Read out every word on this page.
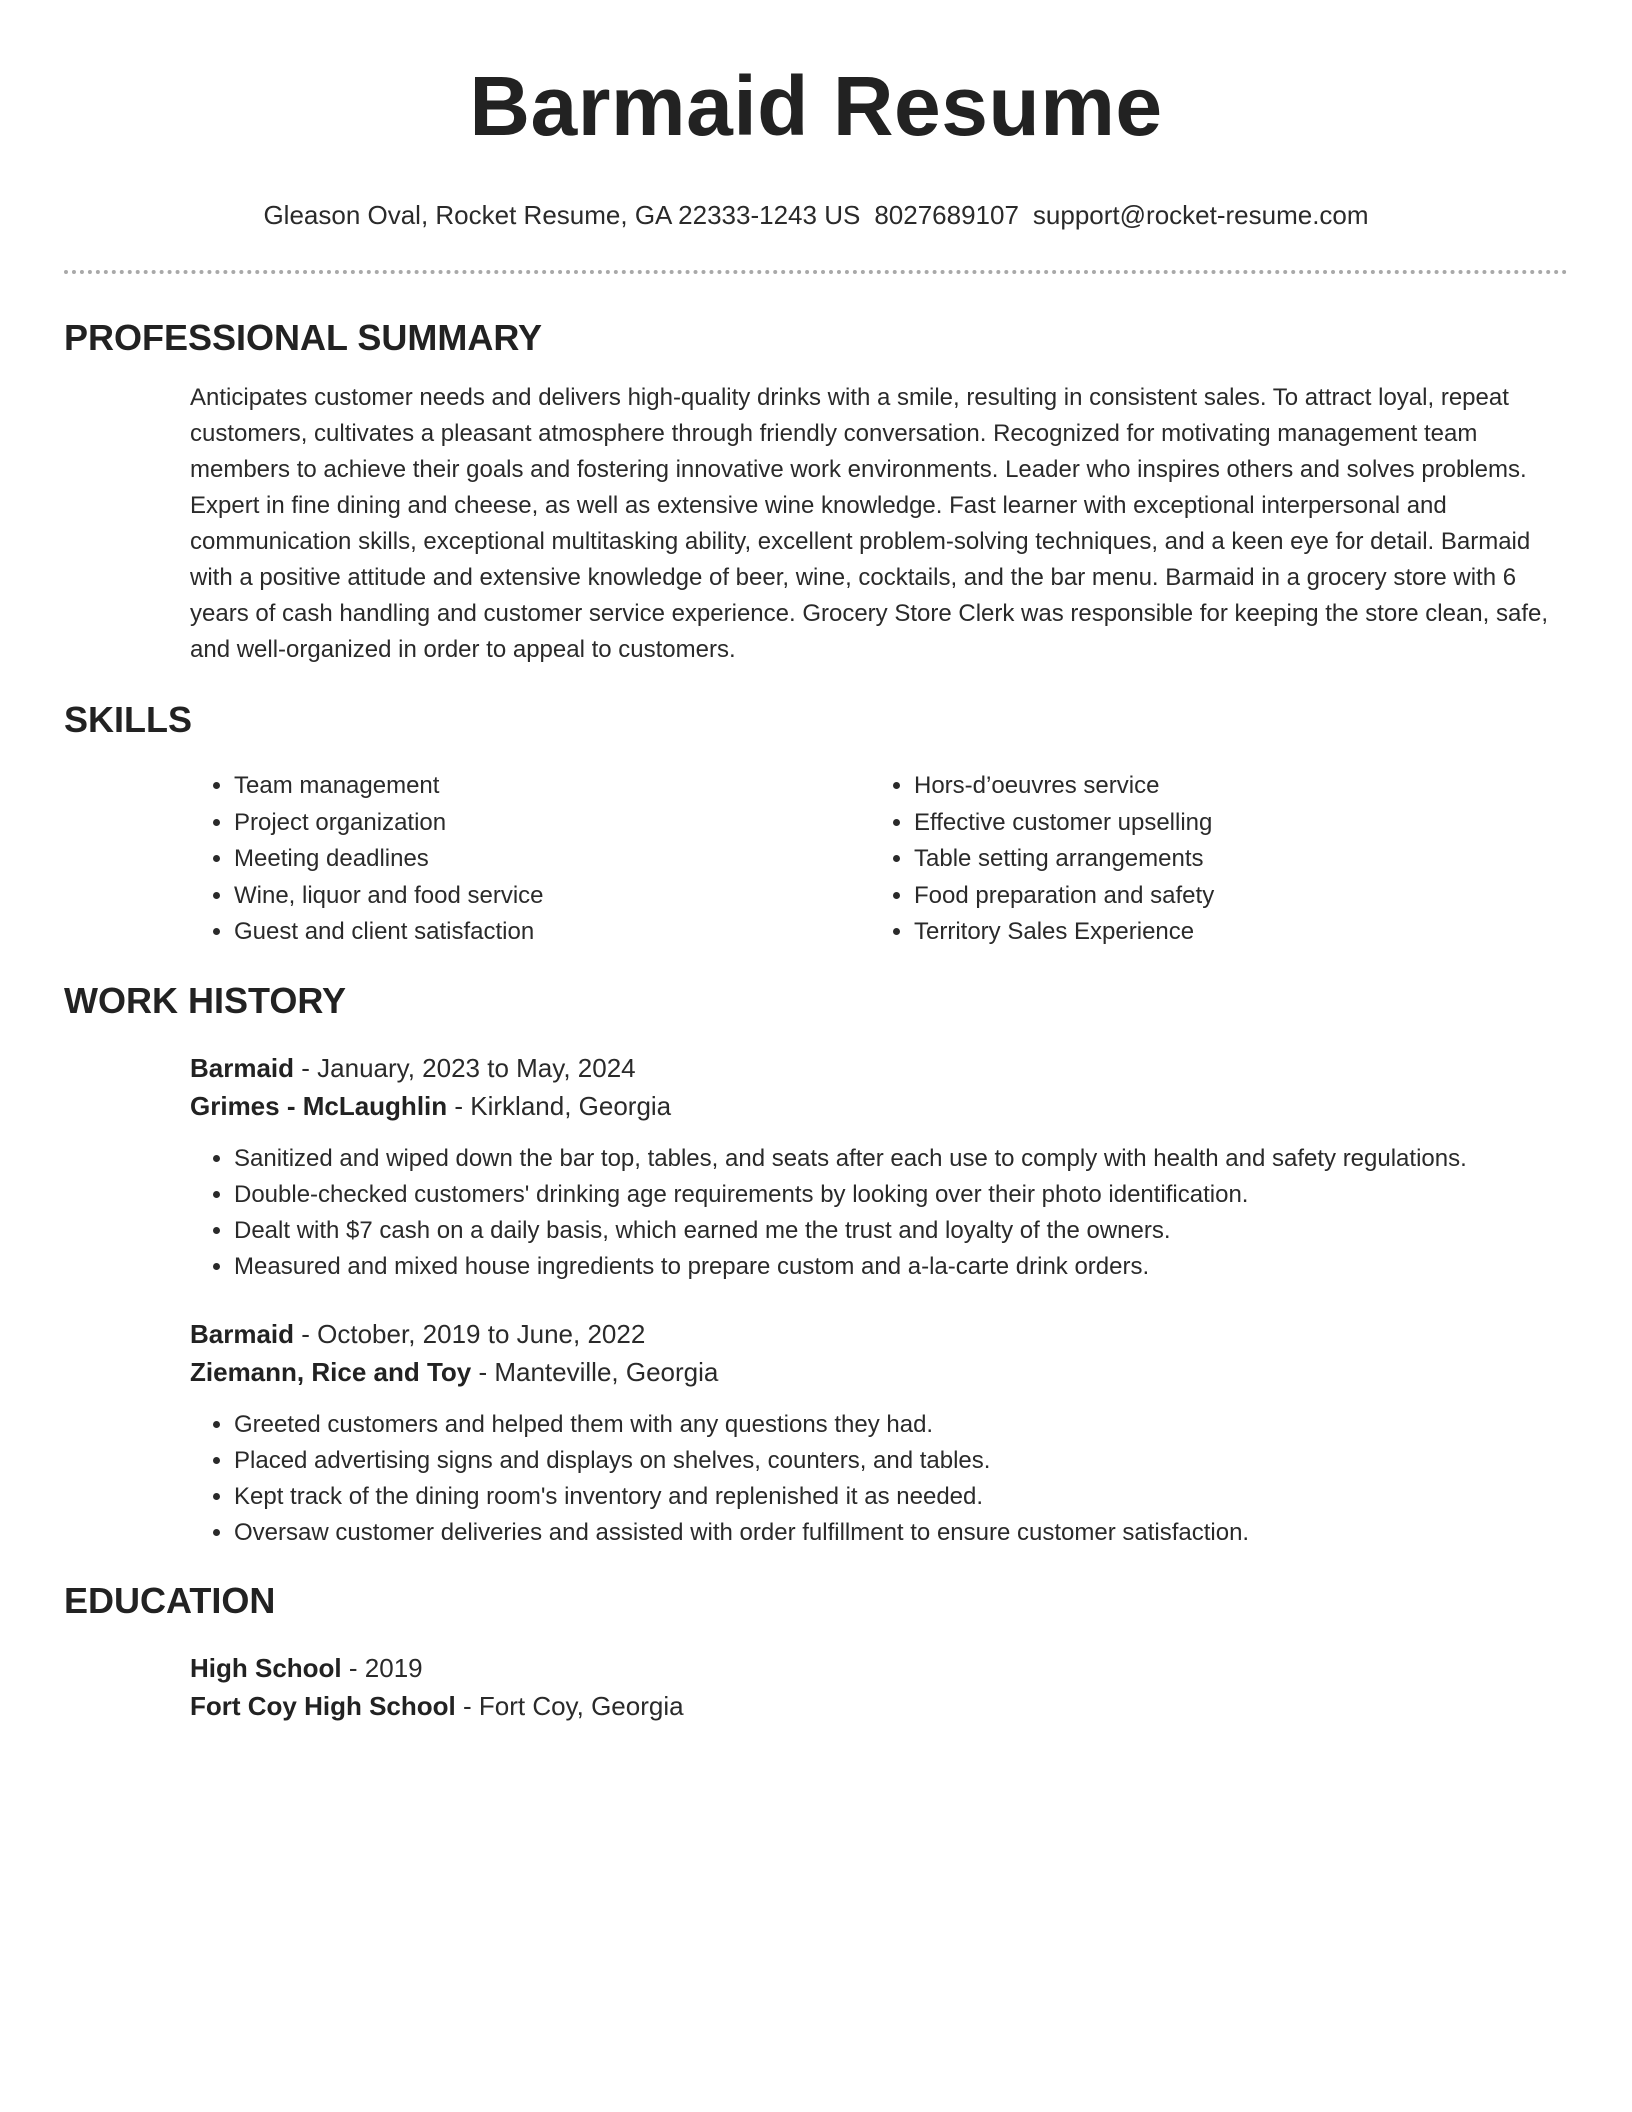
Barmaid Resume
Gleason Oval, Rocket Resume, GA 22333-1243 US 8027689107 support@rocket-resume.com
PROFESSIONAL SUMMARY

Anticipates customer needs and delivers high-quality drinks with a smile, resulting in consistent sales. To attract loyal, repeat customers, cultivates a pleasant atmosphere through friendly conversation. Recognized for motivating management team members to achieve their goals and fostering innovative work environments. Leader who inspires others and solves problems. Expert in fine dining and cheese, as well as extensive wine knowledge. Fast learner with exceptional interpersonal and communication skills, exceptional multitasking ability, excellent problem-solving techniques, and a keen eye for detail. Barmaid with a positive attitude and extensive knowledge of beer, wine, cocktails, and the bar menu. Barmaid in a grocery store with 6 years of cash handling and customer service experience. Grocery Store Clerk was responsible for keeping the store clean, safe, and well-organized in order to appeal to customers.

SKILLS
• Team management
• Project organization
• Meeting deadlines
• Wine, liquor and food service
• Guest and client satisfaction
• Hors-d’oeuvres service
• Effective customer upselling
• Table setting arrangements
• Food preparation and safety
• Territory Sales Experience
WORK HISTORY
Barmaid - January, 2023 to May, 2024
Grimes - McLaughlin - Kirkland, Georgia
• Sanitized and wiped down the bar top, tables, and seats after each use to comply with health and safety regulations.
• Double-checked customers' drinking age requirements by looking over their photo identification.
• Dealt with $7 cash on a daily basis, which earned me the trust and loyalty of the owners.
• Measured and mixed house ingredients to prepare custom and a-la-carte drink orders.
Barmaid - October, 2019 to June, 2022
Ziemann, Rice and Toy - Manteville, Georgia
• Greeted customers and helped them with any questions they had.
• Placed advertising signs and displays on shelves, counters, and tables.
• Kept track of the dining room's inventory and replenished it as needed.
• Oversaw customer deliveries and assisted with order fulfillment to ensure customer satisfaction.
EDUCATION
High School - 2019
Fort Coy High School - Fort Coy, Georgia
